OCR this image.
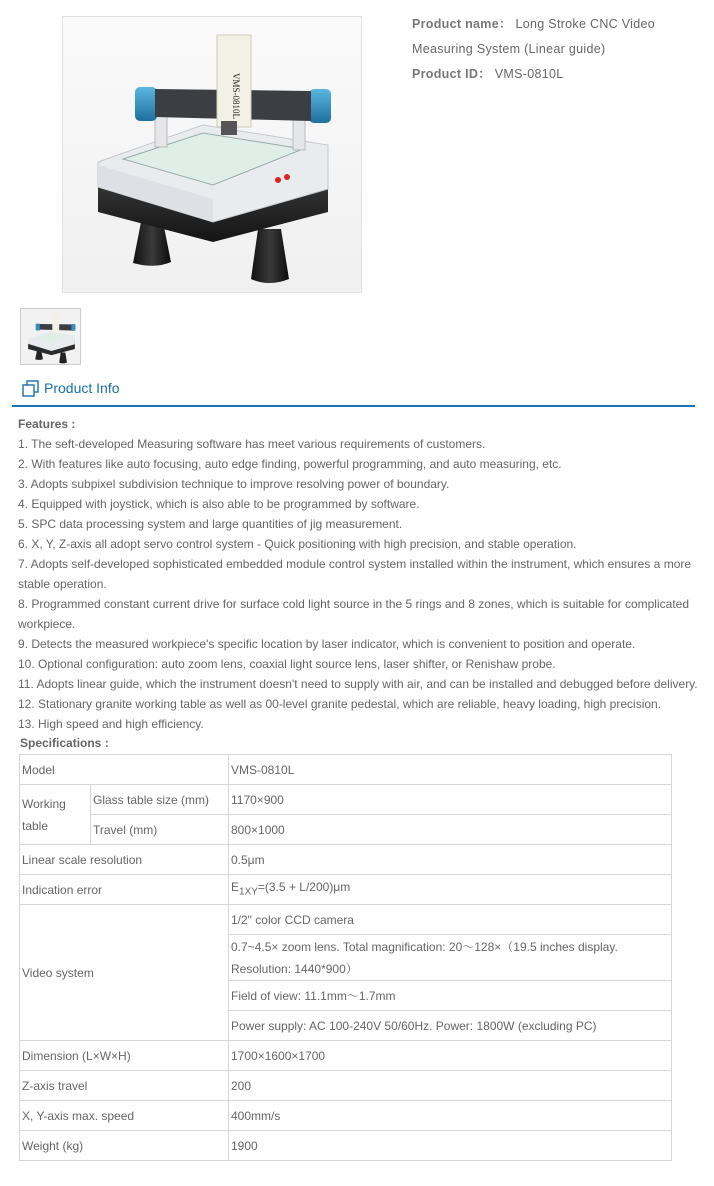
VMS-0810L
Product name： Long Stroke CNC Video Measuring System (Linear guide)
Product ID： VMS-0810L
Product Info
Features :
1. The seft-developed Measuring software has meet various requirements of customers.
2. With features like auto focusing, auto edge finding, powerful programming, and auto measuring, etc.
3. Adopts subpixel subdivision technique to improve resolving power of boundary.
4. Equipped with joystick, which is also able to be programmed by software.
5. SPC data processing system and large quantities of jig measurement.
6. X, Y, Z-axis all adopt servo control system - Quick positioning with high precision, and stable operation.
7. Adopts self-developed sophisticated embedded module control system installed within the instrument, which ensures a more stable operation.
8. Programmed constant current drive for surface cold light source in the 5 rings and 8 zones, which is suitable for complicated workpiece.
9. Detects the measured workpiece's specific location by laser indicator, which is convenient to position and operate.
10. Optional configuration: auto zoom lens, coaxial light source lens, laser shifter, or Renishaw probe.
11. Adopts linear guide, which the instrument doesn't need to supply with air, and can be installed and debugged before delivery.
12. Stationary granite working table as well as 00-level granite pedestal, which are reliable, heavy loading, high precision.
13. High speed and high efficiency.
Specifications :
Model		VMS-0810L
Working table	Glass table size (mm)	1170×900
	Travel (mm)	800×1000
Linear scale resolution		0.5μm
Indication error		$E_{1XY}=(3.5 + L/200)\mu m$
Video system		1/2" color CCD camera
		0.7~4.5× zoom lens. Total magnification: 20～128×（19.5 inches display. Resolution: 1440*900）
		Field of view: 11.1mm～1.7mm
		Power supply: AC 100-240V 50/60Hz. Power: 1800W (excluding PC)
Dimension (L×W×H)		1700×1600×1700
Z-axis travel		200
X, Y-axis max. speed		400mm/s
Weight (kg)		1900
